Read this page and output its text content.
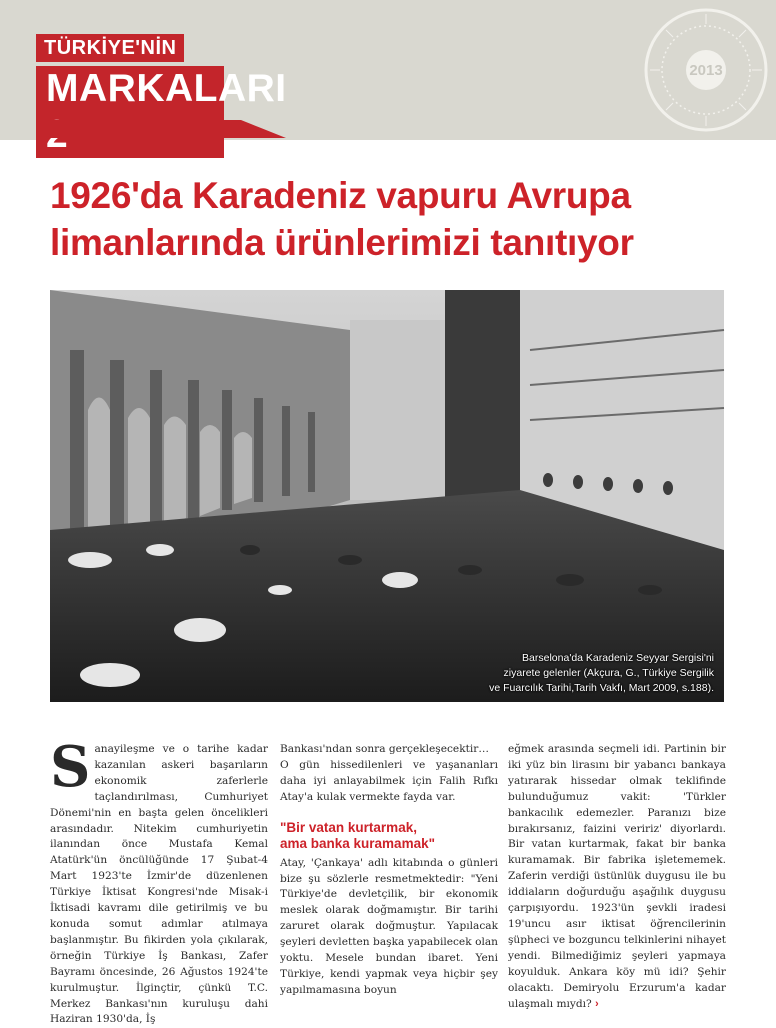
TÜRKİYE'NİN
MARKALARI	2013
1926'da Karadeniz vapuru Avrupa
limanlarında ürünlerimizi tanıtıyor
Barselona'da Karadeniz Seyyar Sergisi'ni
ziyarete gelenler (Akçura, G., Türkiye Sergilik
ve Fuarcılık Tarihi,Tarih Vakfı, Mart 2009, s.188).
Sanayileşme ve o tarihe kadar kazanılan askeri başarıların ekonomik zaferlerle taçlandırılması, Cumhuriyet Dönemi'nin en başta gelen öncelikleri arasındadır. Nitekim cumhuriyetin ilanından önce Mustafa Kemal Atatürk'ün öncülüğünde 17 Şubat-4 Mart 1923'te İzmir'de düzenlenen Türkiye İktisat Kongresi'nde Misak-i İktisadi kavramı dile getirilmiş ve bu konuda somut adımlar atılmaya başlanmıştır. Bu fikirden yola çıkılarak, örneğin Türkiye İş Bankası, Zafer Bayramı öncesinde, 26 Ağustos 1924'te kurulmuştur. İlginçtir, çünkü T.C. Merkez Bankası'nın kuruluşu dahi Haziran 1930'da, İş

Bankası'ndan sonra gerçekleşecektir…

O gün hissedilenleri ve yaşananları daha iyi anlayabilmek için Falih Rıfkı Atay'a kulak vermekte fayda var.

"Bir vatan kurtarmak,
ama banka kuramamak"

Atay, 'Çankaya' adlı kitabında o günleri bize şu sözlerle resmetmektedir: "Yeni Türkiye'de devletçilik, bir ekonomik meslek olarak doğmamıştır. Bir tarihi zaruret olarak doğmuştur. Yapılacak şeyleri devletten başka yapabilecek olan yoktu. Mesele bundan ibaret. Yeni Türkiye, kendi yapmak veya hiçbir şey yapılmamasına boyun

eğmek arasında seçmeli idi. Partinin bir iki yüz bin lirasını bir yabancı bankaya yatırarak hissedar olmak teklifinde bulunduğumuz vakit: 'Türkler bankacılık edemezler. Paranızı bize bırakırsanız, faizini veririz' diyorlardı. Bir vatan kurtarmak, fakat bir banka kuramamak. Bir fabrika işletememek. Zaferin verdiği üstünlük duygusu ile bu iddiaların doğurduğu aşağılık duygusu çarpışıyordu. 1923'ün şevkli iradesi 19'uncu asır iktisat öğrencilerinin şüpheci ve bozguncu telkinlerini nihayet yendi. Bilmediğimiz şeyleri yapmaya koyulduk. Ankara köy mü idi? Şehir olacaktı. Demiryolu Erzurum'a kadar ulaşmalı mıydı? ›
